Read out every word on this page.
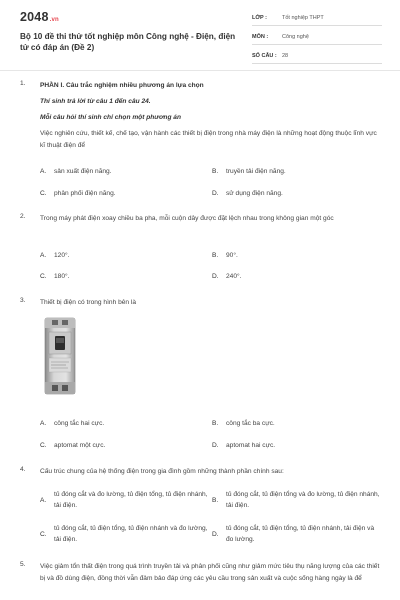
2048.vn
Bộ 10 đề thi thử tốt nghiệp môn Công nghệ - Điện, điện tử có đáp án (Đề 2)
LỚP :	Tốt nghiệp THPT
MÔN :	Công nghệ
SỐ CÂU : 28
1. PHẦN I. Câu trắc nghiệm nhiều phương án lựa chọn
Thí sinh trả lời từ câu 1 đến câu 24.
Mỗi câu hỏi thí sinh chỉ chọn một phương án
Việc nghiên cứu, thiết kế, chế tạo, vận hành các thiết bị điện trong nhà máy điện là những hoạt động thuộc lĩnh vực kĩ thuật điện để
A.	sản xuất điện năng.	B.	truyền tải điện năng.
C.	phân phối điện năng.	D.	sử dụng điện năng.
2. Trong máy phát điện xoay chiều ba pha, mỗi cuộn dây được đặt lệch nhau trong không gian một góc
A.	120°.	B.	90°.
C.	180°.	D.	240°.
3. Thiết bị điện có trong hình bên là
A.	công tắc hai cực.	B.	công tắc ba cực.
C.	aptomat một cực.	D.	aptomat hai cực.
4. Cấu trúc chung của hệ thống điện trong gia đình gồm những thành phần chính sau:
A.
tủ đóng cắt và đo lường, tủ điện tổng, tủ điện nhánh, tải điện.
B.
tủ đóng cắt, tủ điện tổng và đo lường, tủ điện nhánh, tải điện.
C.
tủ đóng cắt, tủ điện tổng, tủ điện nhánh và đo lường, tải điện.
D.
tủ đóng cắt, tủ điện tổng, tủ điện nhánh, tải điện và đo lường.
5. Việc giảm tổn thất điện trong quá trình truyền tải và phân phối cũng như giảm mức tiêu thụ năng lượng của các thiết bị và đồ dùng điện, đồng thời vẫn đảm bảo đáp ứng các yêu cầu trong sản xuất và cuộc sống hàng ngày là để
